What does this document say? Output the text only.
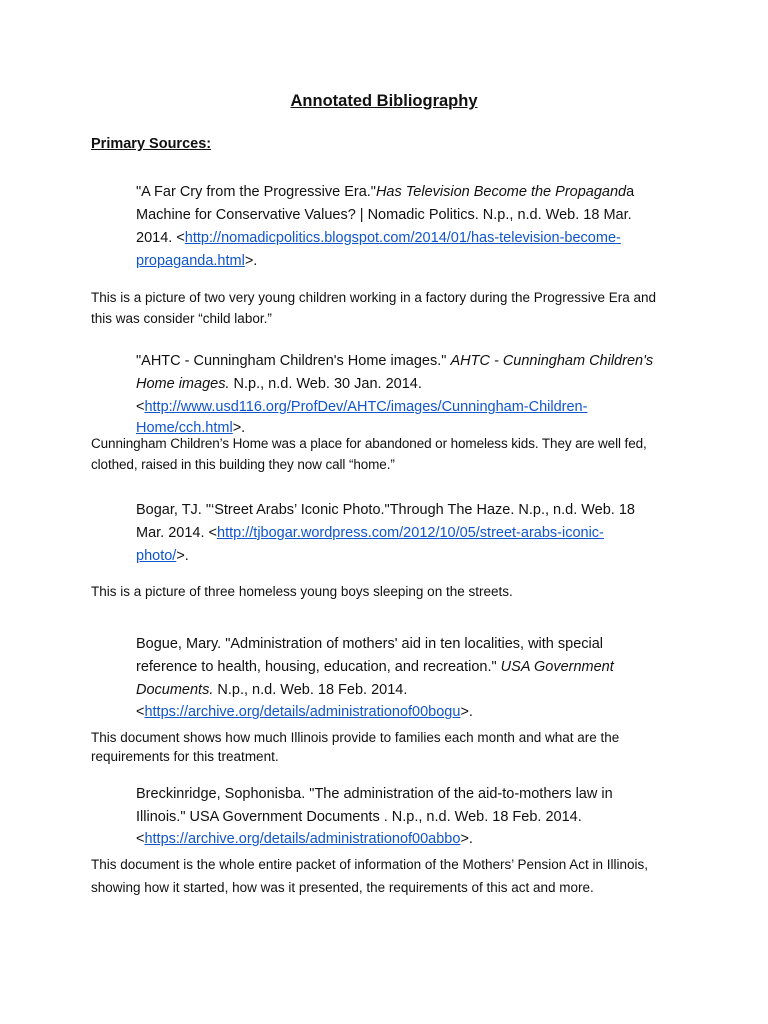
Annotated Bibliography
Primary Sources:
"A Far Cry from the Progressive Era."Has Television Become the Propaganda
Machine for Conservative Values? | Nomadic Politics. N.p., n.d. Web. 18 Mar.
2014. <http://nomadicpolitics.blogspot.com/2014/01/has-television-become-
propaganda.html>.
This is a picture of two very young children working in a factory during the Progressive Era and
this was consider “child labor.”
"AHTC - Cunningham Children's Home images." AHTC - Cunningham Children's
Home images. N.p., n.d. Web. 30 Jan. 2014.
<http://www.usd116.org/ProfDev/AHTC/images/Cunningham-Children-
Home/cch.html>.
Cunningham Children’s Home was a place for abandoned or homeless kids. They are well fed,
clothed, raised in this building they now call “home.”
Bogar, TJ. "‘Street Arabs’ Iconic Photo."Through The Haze. N.p., n.d. Web. 18
Mar. 2014. <http://tjbogar.wordpress.com/2012/10/05/street-arabs-iconic-
photo/>.
This is a picture of three homeless young boys sleeping on the streets.
Bogue, Mary. "Administration of mothers' aid in ten localities, with special
reference to health, housing, education, and recreation." USA Government
Documents. N.p., n.d. Web. 18 Feb. 2014.
<https://archive.org/details/administrationof00bogu>.
This document shows how much Illinois provide to families each month and what are the
requirements for this treatment.
Breckinridge, Sophonisba. "The administration of the aid-to-mothers law in
Illinois." USA Government Documents . N.p., n.d. Web. 18 Feb. 2014.
<https://archive.org/details/administrationof00abbo>.
This document is the whole entire packet of information of the Mothers’ Pension Act in Illinois,
showing how it started, how was it presented, the requirements of this act and more.
